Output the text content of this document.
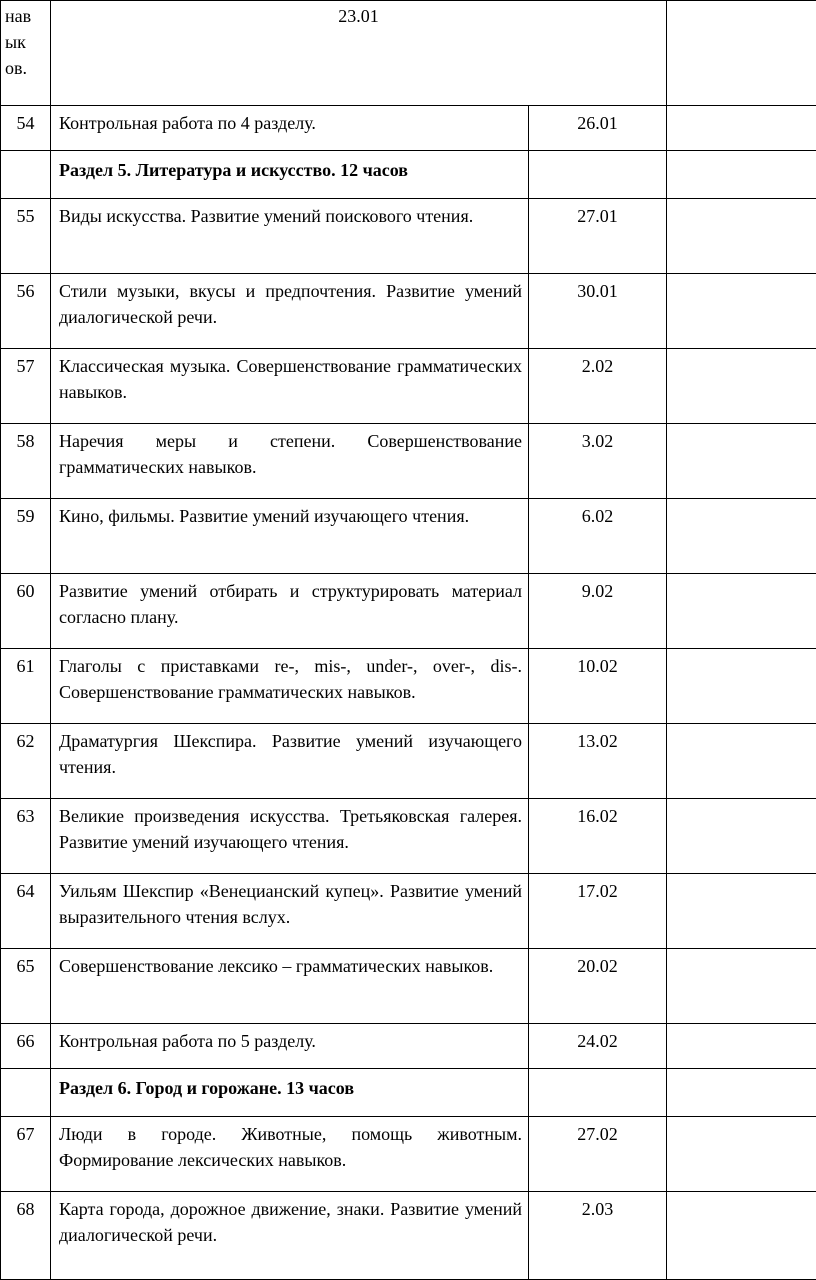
нав ык ов.	23.01		
54	Контрольная работа по 4 разделу.	26.01	
	Раздел 5. Литература и искусство. 12 часов		
55	Виды искусства. Развитие умений поискового чтения.	27.01	
56	Стили музыки, вкусы и предпочтения. Развитие умений диалогической речи.	30.01	
57	Классическая музыка. Совершенствование грамматических навыков.	2.02	
58	Наречия меры и степени. Совершенствование грамматических навыков.	3.02	
59	Кино, фильмы. Развитие умений изучающего чтения.	6.02	
60	Развитие умений отбирать и структурировать материал согласно плану.	9.02	
61	Глаголы с приставками re-, mis-, under-, over-, dis-. Совершенствование грамматических навыков.	10.02	
62	Драматургия Шекспира. Развитие умений изучающего чтения.	13.02	
63	Великие произведения искусства. Третьяковская галерея. Развитие умений изучающего чтения.	16.02	
64	Уильям Шекспир «Венецианский купец». Развитие умений выразительного чтения вслух.	17.02	
65	Совершенствование лексико – грамматических навыков.	20.02	
66	Контрольная работа по 5 разделу.	24.02	
	Раздел 6. Город и горожане. 13 часов		
67	Люди в городе. Животные, помощь животным. Формирование лексических навыков.	27.02	
68	Карта города, дорожное движение, знаки. Развитие умений диалогической речи.	2.03	
